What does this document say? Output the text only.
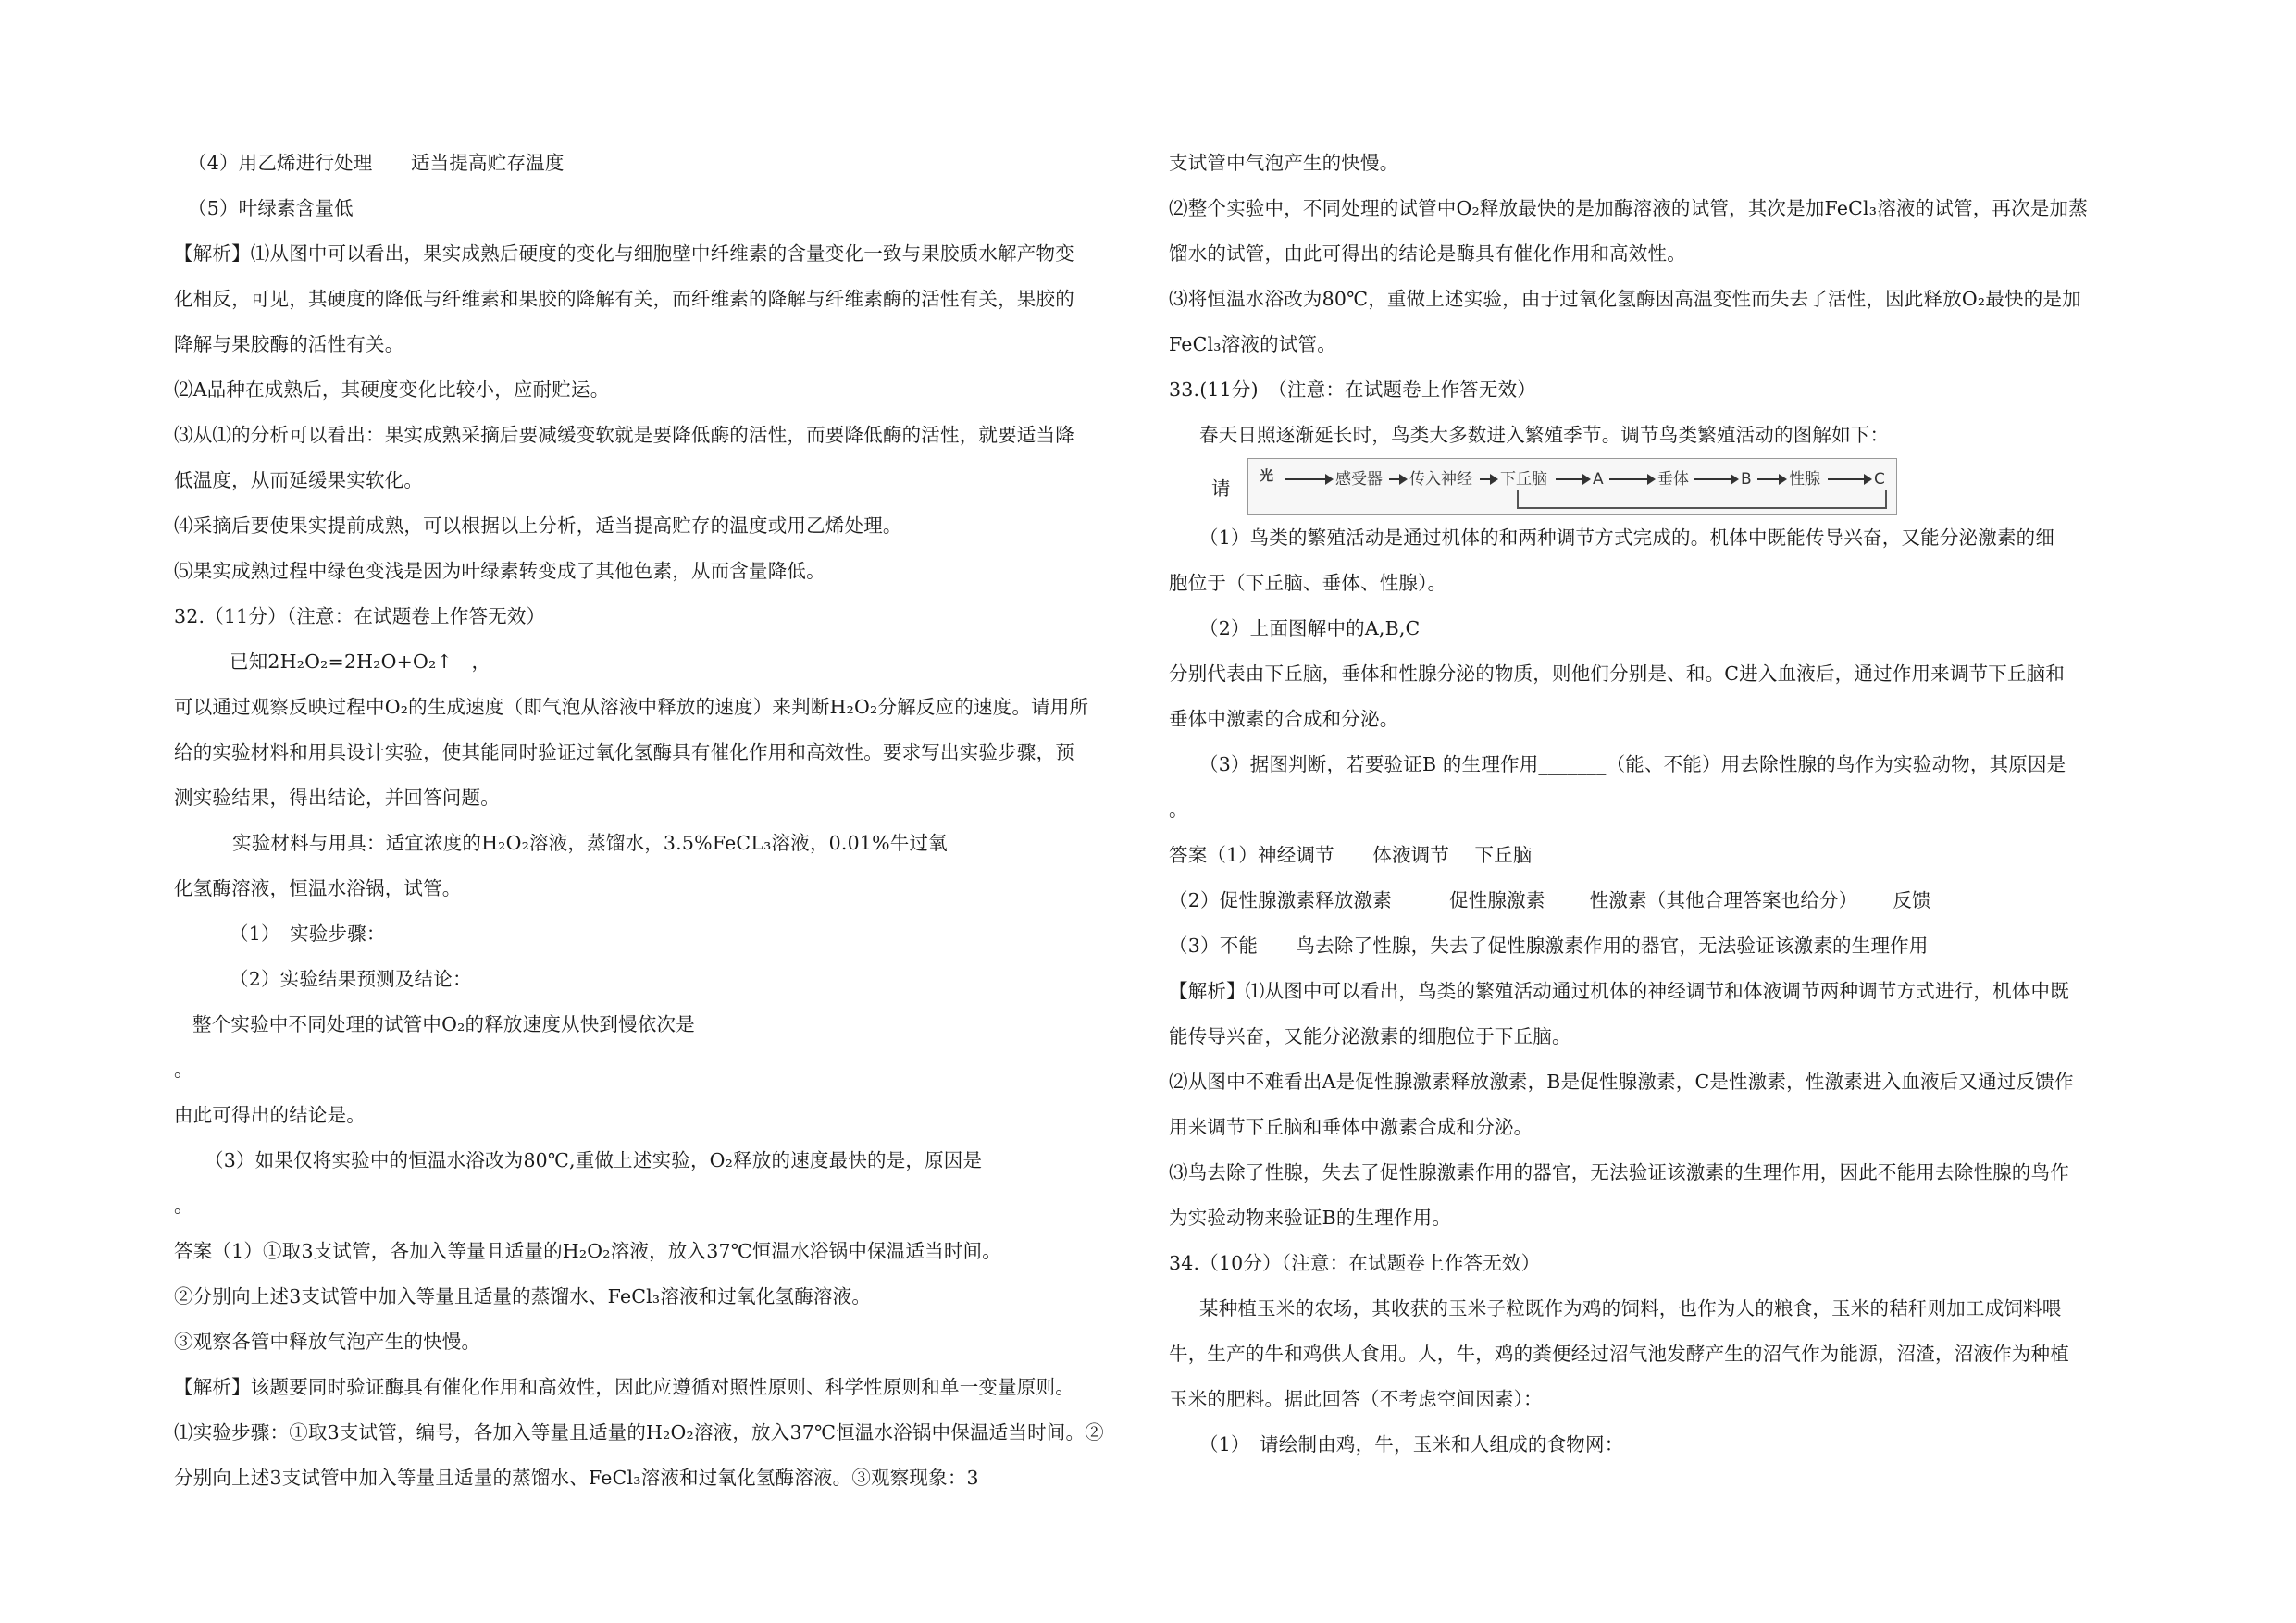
（4）用乙烯进行处理　　适当提高贮存温度
（5）叶绿素含量低
【解析】⑴从图中可以看出，果实成熟后硬度的变化与细胞壁中纤维素的含量变化一致与果胶质水解产物变
化相反，可见，其硬度的降低与纤维素和果胶的降解有关，而纤维素的降解与纤维素酶的活性有关，果胶的
降解与果胶酶的活性有关。
⑵A品种在成熟后，其硬度变化比较小，应耐贮运。
⑶从⑴的分析可以看出：果实成熟采摘后要减缓变软就是要降低酶的活性，而要降低酶的活性，就要适当降
低温度，从而延缓果实软化。
⑷采摘后要使果实提前成熟，可以根据以上分析，适当提高贮存的温度或用乙烯处理。
⑸果实成熟过程中绿色变浅是因为叶绿素转变成了其他色素，从而含量降低。
32.（11分）（注意：在试题卷上作答无效）
已知2H₂O₂=2H₂O+O₂↑　，
可以通过观察反映过程中O₂的生成速度（即气泡从溶液中释放的速度）来判断H₂O₂分解反应的速度。请用所
给的实验材料和用具设计实验，使其能同时验证过氧化氢酶具有催化作用和高效性。要求写出实验步骤，预
测实验结果，得出结论，并回答问题。
实验材料与用具：适宜浓度的H₂O₂溶液，蒸馏水，3.5%FeCL₃溶液，0.01%牛过氧
化氢酶溶液，恒温水浴锅，试管。
（1）　实验步骤：
（2）实验结果预测及结论：
整个实验中不同处理的试管中O₂的释放速度从快到慢依次是
。
由此可得出的结论是。
（3）如果仅将实验中的恒温水浴改为80℃,重做上述实验，O₂释放的速度最快的是，原因是
。
答案（1）①取3支试管，各加入等量且适量的H₂O₂溶液，放入37℃恒温水浴锅中保温适当时间。
②分别向上述3支试管中加入等量且适量的蒸馏水、FeCl₃溶液和过氧化氢酶溶液。
③观察各管中释放气泡产生的快慢。
【解析】该题要同时验证酶具有催化作用和高效性，因此应遵循对照性原则、科学性原则和单一变量原则。
⑴实验步骤：①取3支试管，编号，各加入等量且适量的H₂O₂溶液，放入37℃恒温水浴锅中保温适当时间。②
分别向上述3支试管中加入等量且适量的蒸馏水、FeCl₃溶液和过氧化氢酶溶液。③观察现象：3
支试管中气泡产生的快慢。
⑵整个实验中，不同处理的试管中O₂释放最快的是加酶溶液的试管，其次是加FeCl₃溶液的试管，再次是加蒸
馏水的试管，由此可得出的结论是酶具有催化作用和高效性。
⑶将恒温水浴改为80℃，重做上述实验，由于过氧化氢酶因高温变性而失去了活性，因此释放O₂最快的是加
FeCl₃溶液的试管。
33.(11分)　（注意：在试题卷上作答无效）
春天日照逐渐延长时，鸟类大多数进入繁殖季节。调节鸟类繁殖活动的图解如下：
请
光	感受器 传入神经 下丘脑	A	垂体	B 性腺	C
（1）鸟类的繁殖活动是通过机体的和两种调节方式完成的。机体中既能传导兴奋，又能分泌激素的细
胞位于（下丘脑、垂体、性腺）。
（2）上面图解中的A,B,C
分别代表由下丘脑，垂体和性腺分泌的物质，则他们分别是、和。C进入血液后，通过作用来调节下丘脑和
垂体中激素的合成和分泌。
（3）据图判断，若要验证B 的生理作用_______（能、不能）用去除性腺的鸟作为实验动物，其原因是
。
答案（1）神经调节　　体液调节　 下丘脑
（2）促性腺激素释放激素　　　促性腺激素　　 性激素（其他合理答案也给分）　　 反馈
（3）不能　　鸟去除了性腺，失去了促性腺激素作用的器官，无法验证该激素的生理作用
【解析】⑴从图中可以看出，鸟类的繁殖活动通过机体的神经调节和体液调节两种调节方式进行，机体中既
能传导兴奋，又能分泌激素的细胞位于下丘脑。
⑵从图中不难看出A是促性腺激素释放激素，B是促性腺激素，C是性激素，性激素进入血液后又通过反馈作
用来调节下丘脑和垂体中激素合成和分泌。
⑶鸟去除了性腺，失去了促性腺激素作用的器官，无法验证该激素的生理作用，因此不能用去除性腺的鸟作
为实验动物来验证B的生理作用。
34.（10分）（注意：在试题卷上作答无效）
某种植玉米的农场，其收获的玉米子粒既作为鸡的饲料，也作为人的粮食，玉米的秸秆则加工成饲料喂
牛，生产的牛和鸡供人食用。人，牛，鸡的粪便经过沼气池发酵产生的沼气作为能源，沼渣，沼液作为种植
玉米的肥料。据此回答（不考虑空间因素）：
（1）　请绘制由鸡，牛，玉米和人组成的食物网：
